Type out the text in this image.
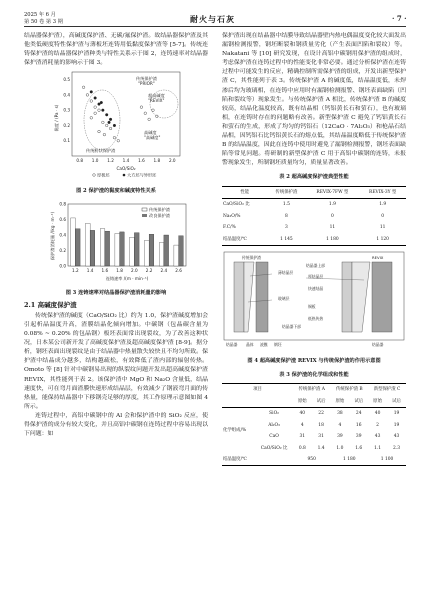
2025 年 6 月
第 50 卷 第 3 期	耐火与石灰	· 7 ·

结晶器保护渣），高碱度保护渣、无碳/氟保护渣。故结晶器保护渣及其他类低硬度特性保护渣与薄板坯连铸用低黏度保护渣等 [5-7]。传统连铸保护渣的结晶器保护渣种类与特性关系示于图 2，连铸速率对结晶器保护渣消耗量的影响示于图 3。

黏度 / (Pa · s)
0.5
0.4
0.3
0.2
0.1
0.8 1.0 1.2 1.4 1.6 1.8 2.0
CaO/SiO₂
传统保护渣
"PRIOR"
超高碱度
"REVIX"
高碱度
"高碱度"
传统粉状保护渣
厚板坯	大方坯与异形坯
图 2 保护渣的黏度和碱度特性关系
保护渣消耗量 /(kg · m⁻²)
0.0
0.2
0.4
0.6
0.8
1.2 1.4 1.6 1.8 2.0 2.2 2.4 2.6
连铸速率 /(m · min⁻¹)
传统保护渣
改良保护渣
图 3 连铸速率对结晶器保护渣消耗量的影响
2.1 高碱度保护渣

传统保护渣的碱度（CaO/SiO₂ 比）约为 1.0，保护渣碱度增加会引起析晶温度升高，渣膜结晶化倾向增加。中碳钢（包晶碳含量为 0.08% ~ 0.20% 的包晶钢）板坯表面常出现裂纹，为了改善这种状况，日本某公司新开发了高碱度保护渣及超高碱度保护渣 [8-9]。据分析，钢坯表面出现裂纹是由于结晶器中热量散失较快且不均匀所致。保护渣中结晶成分越多，结构越疏松，有效降低了渣内部的辐射传热。Omoto 等 [8] 针对中碳钢易出现的纵裂纹问题开发出超高碱度保护渣 REVIX，其性能列于表 2。该保护渣中 MgO 和 Na₂O 含量低，结晶速度快，可在弯月面渣膜快速形成结晶层，有效减少了钢液弯月面的传热量，能保持结晶器中下移钢壳足够的厚度，其工作原理示意图如图 4 所示。

连铸过程中，高铝中碳钢中的 Al 会和保护渣中的 SiO₂ 反应，使得保护渣的成分有较大变化，并且高铝中碳钢在连铸过程中容易出现以下问题：如

保护渣出现在结晶器中结膜导致结晶器壁内热电偶温度变化较大面发出漏钢检测报警，钢坯断裂和钢质量劣化（产生表面凹陷和裂纹）等。Nakatani 等 [10] 研究发现，在设计高铝中碳钢用保护渣的组成时，考虑保护渣在连铸过程中的性能变化非常必要。通过分析保护渣在连铸过程中可能发生的反应，精确控制所需保护渣的组成，开发出新型保护渣 C，其性能列于表 3。传统保护渣 A 的碱度低，结晶温度低，未焊渗后均为玻璃相，在连铸中应用时有漏钢检测报警、钢坯表面缺陷（凹陷和裂纹等）现象发生。与传统保护渣 A 相比，传统保护渣 B 的碱度较高，结晶化温度较高，既有结晶相（钙铝黄长石和萤石），也有玻璃相，在连铸时存在的问题略有改善。新型保护渣 C 避免了钙铝黄长石和萤石的生成，形成了均匀的钙铝石（12CaO · 7Al₂O₃）和枪晶石结晶相，因钙铝石比钙铝黄长石的熔点低，其结晶温度略低于传统保护渣 B 的结晶温度，因此在连铸中使用时避免了漏钢检测报警，钢坯表面缺陷等常见问题。将研制的新型保护渣 C 用于高铝中碳钢的连铸，未报警现象发生，所制钢坯质量均匀，质量显著改善。

表 2 超高碱度保护渣典型性能
性能	传统保护渣	REVIX-7FW 型	REVIX-3Y 型
CaO/SiO₂ 比	1.5	1.9	1.9
Na₂O/%	8	0	0
F.C/%	3	11	11
结晶温度/℃	1 145	1 180	1 120
传统保护渣	REVIX
结晶器上部
薄结晶层
厚结晶层
快速结晶
玻璃层
铜板
低热传热
结晶器下部
结晶器 晶体 液膜 钢坯	结晶器
图 4 超高碱度保护渣 REVIX 与传统保护渣的作用示意图
表 3 保护渣的化学组成和性能
项目		传统保护渣 A		传统保护渣 B		新型保护渣 C	
		原始	试后	原始	试后	原始	试后
化学组成/%	SiO₂	40	22	38	24	40	19
	Al₂O₃	4	18	4	16	2	19
	CaO	31	31	39	39	43	43
	CaO/SiO₂ 比	0.8	1.4	1.0	1.6	1.1	2.3
结晶温度/℃		950		1 180		1 100	
